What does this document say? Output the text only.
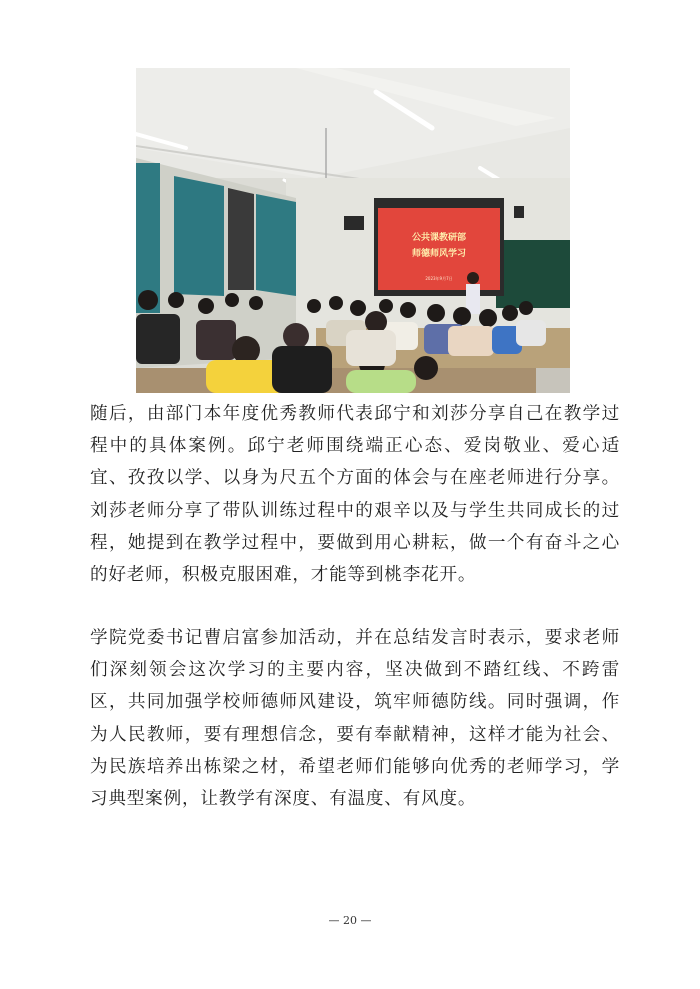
公共课教研部
师德师风学习
2023年9月7日

随后，由部门本年度优秀教师代表邱宁和刘莎分享自己在教学过程中的具体案例。邱宁老师围绕端正心态、爱岗敬业、爱心适宜、孜孜以学、以身为尺五个方面的体会与在座老师进行分享。刘莎老师分享了带队训练过程中的艰辛以及与学生共同成长的过程，她提到在教学过程中，要做到用心耕耘，做一个有奋斗之心的好老师，积极克服困难，才能等到桃李花开。

学院党委书记曹启富参加活动，并在总结发言时表示，要求老师们深刻领会这次学习的主要内容，坚决做到不踏红线、不跨雷区，共同加强学校师德师风建设，筑牢师德防线。同时强调，作为人民教师，要有理想信念，要有奉献精神，这样才能为社会、为民族培养出栋梁之材，希望老师们能够向优秀的老师学习，学习典型案例，让教学有深度、有温度、有风度。

— 20 —
